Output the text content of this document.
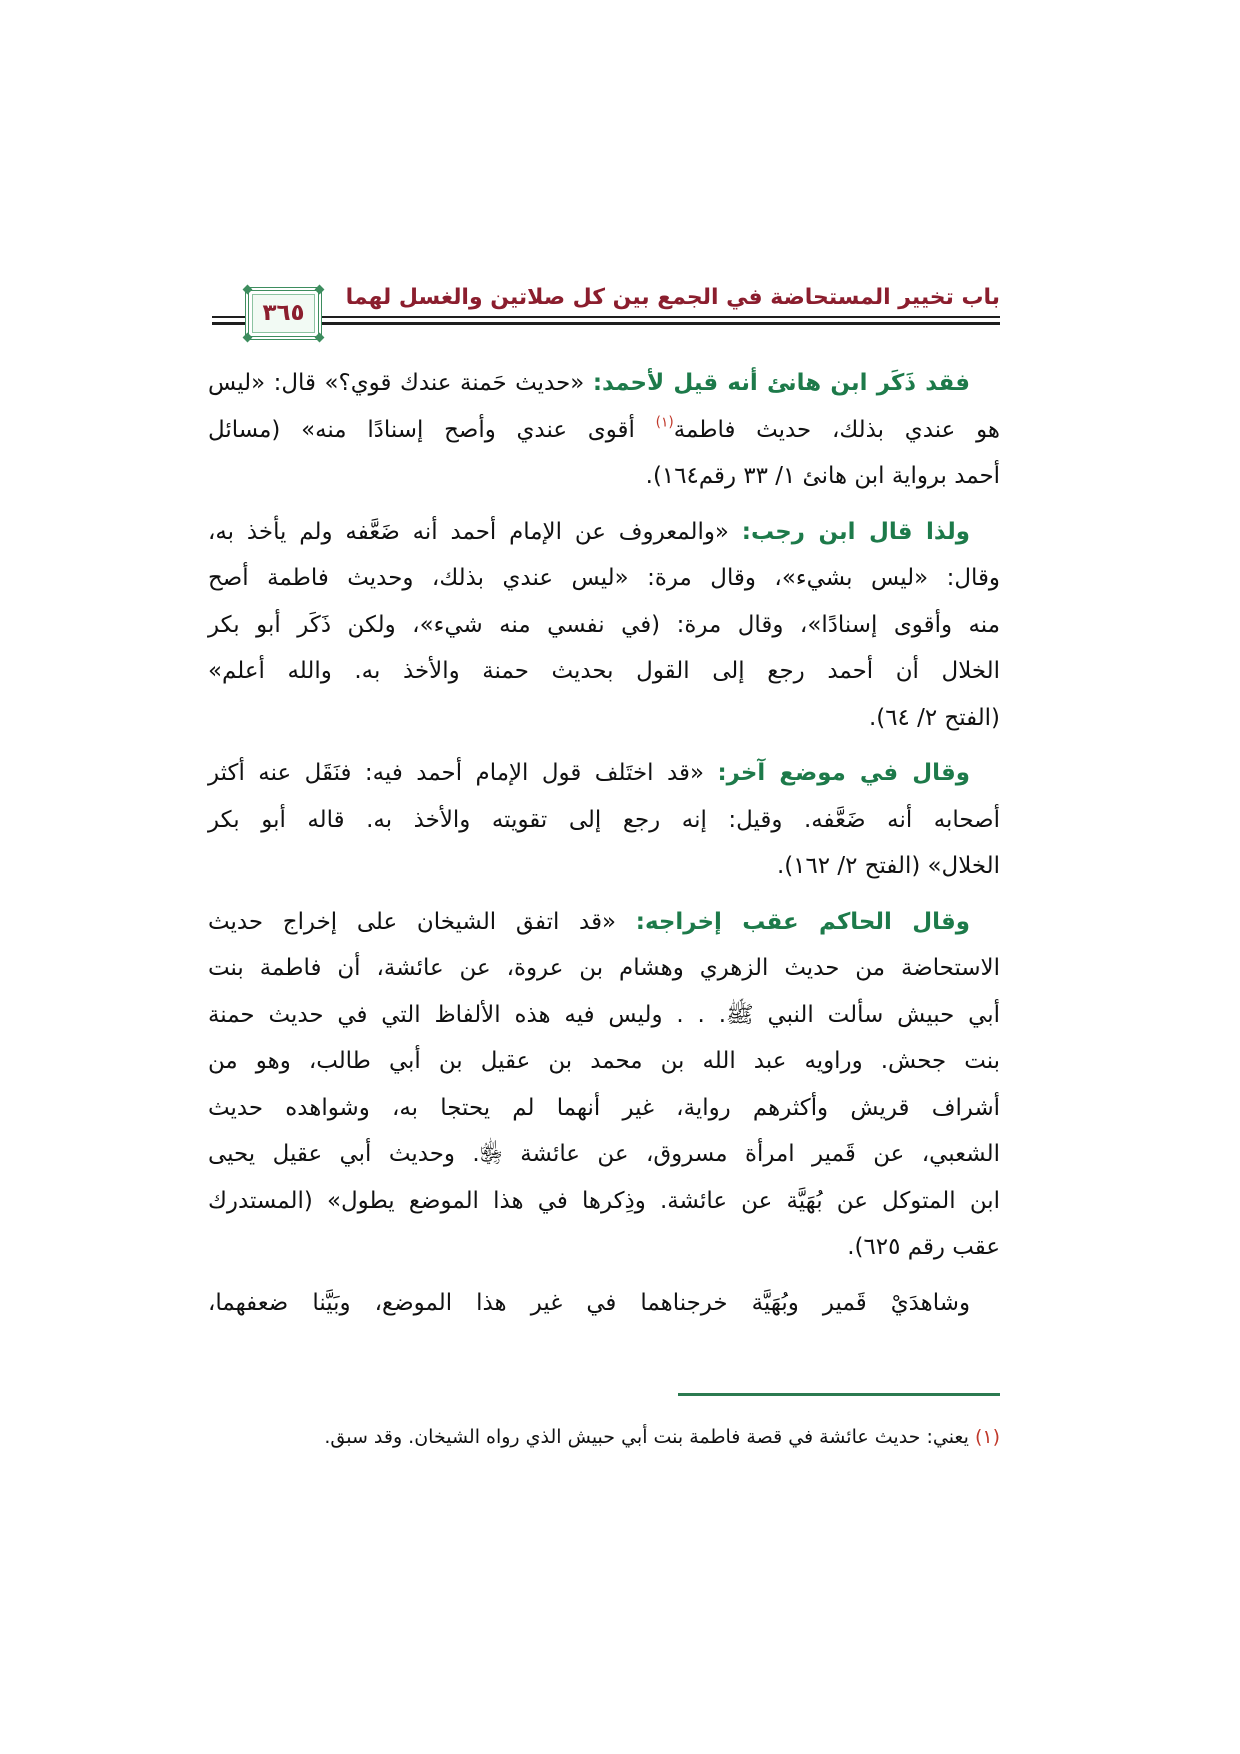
باب تخيير المستحاضة في الجمع بين كل صلاتين والغسل لهما
٣٦٥
فقد ذَكَر ابن هانئ أنه قيل لأحمد: «حديث حَمنة عندك قوي؟» قال: «ليس
هو عندي بذلك، حديث فاطمة$^{(١)}$ أقوى عندي وأصح إسنادًا منه» (مسائل
أحمد برواية ابن هانئ ١/ ٣٣ رقم١٦٤).
ولذا قال ابن رجب: «والمعروف عن الإمام أحمد أنه ضَعَّفه ولم يأخذ به،
وقال: «ليس بشيء»، وقال مرة: «ليس عندي بذلك، وحديث فاطمة أصح
منه وأقوى إسنادًا»، وقال مرة: (في نفسي منه شيء»، ولكن ذَكَر أبو بكر
الخلال أن أحمد رجع إلى القول بحديث حمنة والأخذ به. والله أعلم»
(الفتح ٢/ ٦٤).
وقال في موضع آخر: «قد اختَلف قول الإمام أحمد فيه: فنَقَل عنه أكثر
أصحابه أنه ضَعَّفه. وقيل: إنه رجع إلى تقويته والأخذ به. قاله أبو بكر
الخلال» (الفتح ٢/ ١٦٢).
وقال الحاكم عقب إخراجه: «قد اتفق الشيخان على إخراج حديث
الاستحاضة من حديث الزهري وهشام بن عروة، عن عائشة، أن فاطمة بنت
أبي حبيش سألت النبي ﷺ. . . وليس فيه هذه الألفاظ التي في حديث حمنة
بنت جحش. وراويه عبد الله بن محمد بن عقيل بن أبي طالب، وهو من
أشراف قريش وأكثرهم رواية، غير أنهما لم يحتجا به، وشواهده حديث
الشعبي، عن قَمير امرأة مسروق، عن عائشة ﵂. وحديث أبي عقيل يحيى
ابن المتوكل عن بُهَيَّة عن عائشة. وذِكرها في هذا الموضع يطول» (المستدرك
عقب رقم ٦٢٥).
وشاهدَيْ قَمير وبُهَيَّة خرجناهما في غير هذا الموضع، وبَيَّنا ضعفهما،
(١) يعني: حديث عائشة في قصة فاطمة بنت أبي حبيش الذي رواه الشيخان. وقد سبق.
